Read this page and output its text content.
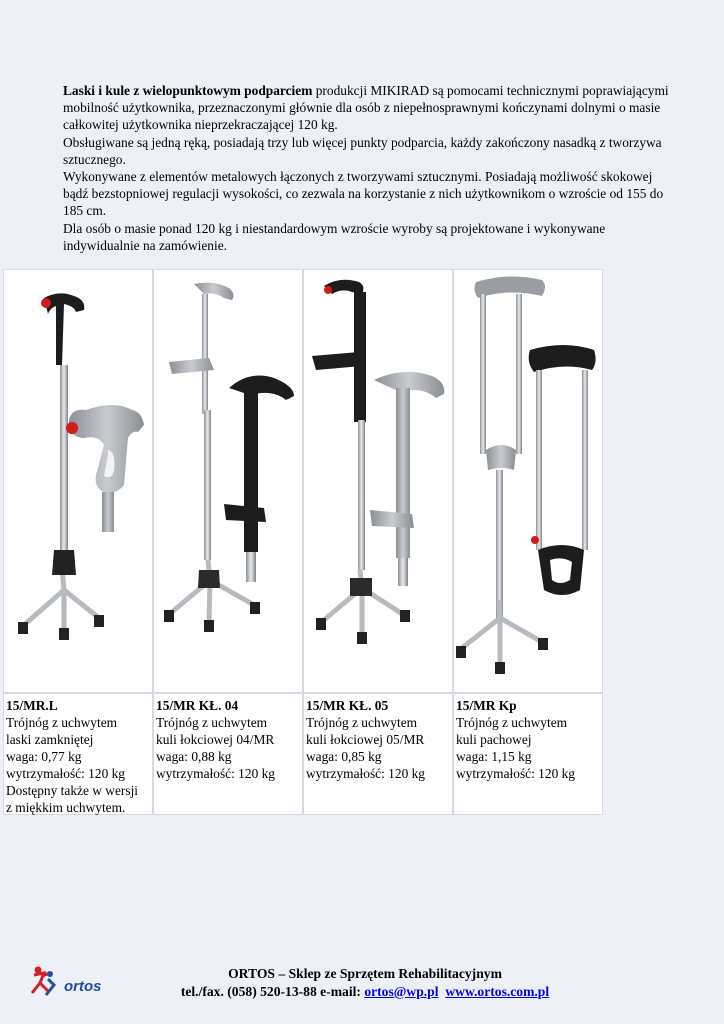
Laski i kule z wielopunktowym podparciem produkcji MIKIRAD są pomocami technicznymi poprawiającymi mobilność użytkownika, przeznaczonymi głównie dla osób z niepełnosprawnymi kończynami dolnymi o masie całkowitej użytkownika nieprzekraczającej 120 kg.

Obsługiwane są jedną ręką, posiadają trzy lub więcej punkty podparcia, każdy zakończony nasadką z tworzywa sztucznego.

Wykonywane z elementów metalowych łączonych z tworzywami sztucznymi. Posiadają możliwość skokowej bądź bezstopniowej regulacji wysokości, co zezwala na korzystanie z nich użytkownikom o wzroście od 155 do 185 cm.

Dla osób o masie ponad 120 kg i niestandardowym wzroście wyroby są projektowane i wykonywane indywidualnie na zamówienie.

15/MR.L
Trójnóg z uchwytem
laski zamkniętej
waga: 0,77 kg
wytrzymałość: 120 kg
Dostępny także w wersji
z miękkim uchwytem.
15/MR KŁ. 04
Trójnóg z uchwytem
kuli łokciowej 04/MR
waga: 0,88 kg
wytrzymałość: 120 kg
15/MR KŁ. 05
Trójnóg z uchwytem
kuli łokciowej 05/MR
waga: 0,85 kg
wytrzymałość: 120 kg
15/MR Kp
Trójnóg z uchwytem
kuli pachowej
waga: 1,15 kg
wytrzymałość: 120 kg
ortos
ORTOS – Sklep ze Sprzętem Rehabilitacyjnym
tel./fax. (058) 520-13-88 e-mail: ortos@wp.pl www.ortos.com.pl
